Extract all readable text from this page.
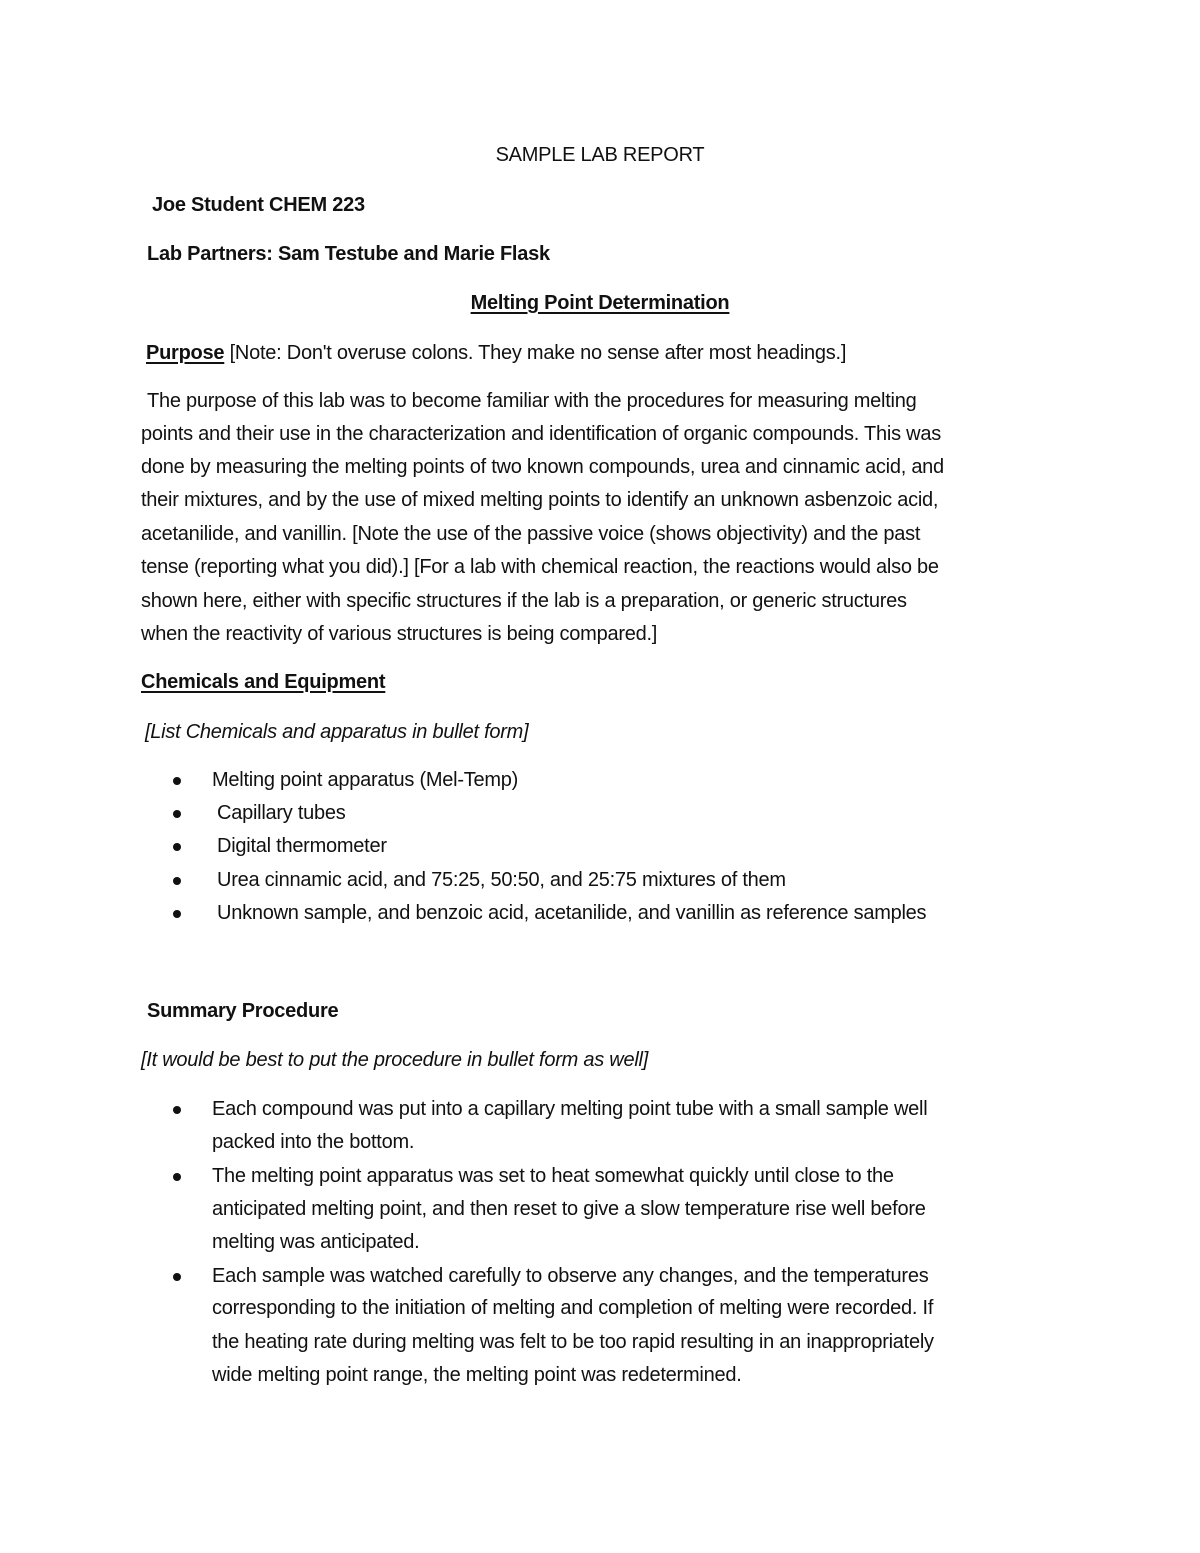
SAMPLE LAB REPORT
Joe Student CHEM 223
Lab Partners: Sam Testube and Marie Flask
Melting Point Determination
Purpose [Note: Don't overuse colons. They make no sense after most headings.]
The purpose of this lab was to become familiar with the procedures for measuring melting
points and their use in the characterization and identification of organic compounds. This was
done by measuring the melting points of two known compounds, urea and cinnamic acid, and
their mixtures, and by the use of mixed melting points to identify an unknown asbenzoic acid,
acetanilide, and vanillin. [Note the use of the passive voice (shows objectivity) and the past
tense (reporting what you did).] [For a lab with chemical reaction, the reactions would also be
shown here, either with specific structures if the lab is a preparation, or generic structures
when the reactivity of various structures is being compared.]
Chemicals and Equipment
[List Chemicals and apparatus in bullet form]
Melting point apparatus (Mel-Temp)
Capillary tubes
Digital thermometer
Urea cinnamic acid, and 75:25, 50:50, and 25:75 mixtures of them
Unknown sample, and benzoic acid, acetanilide, and vanillin as reference samples
Summary Procedure
[It would be best to put the procedure in bullet form as well]
Each compound was put into a capillary melting point tube with a small sample well
packed into the bottom.
The melting point apparatus was set to heat somewhat quickly until close to the
anticipated melting point, and then reset to give a slow temperature rise well before
melting was anticipated.
Each sample was watched carefully to observe any changes, and the temperatures
corresponding to the initiation of melting and completion of melting were recorded. If
the heating rate during melting was felt to be too rapid resulting in an inappropriately
wide melting point range, the melting point was redetermined.
